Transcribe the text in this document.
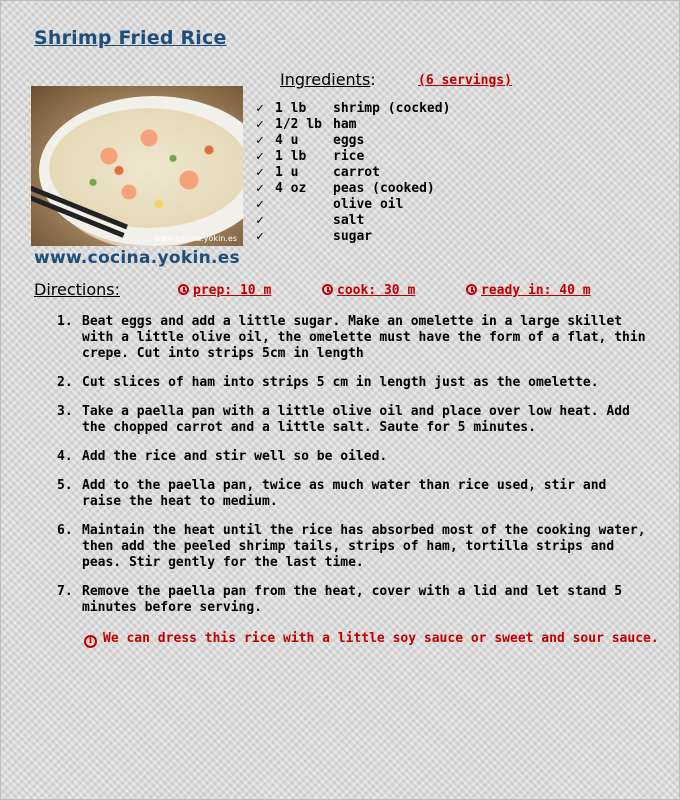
Shrimp Fried Rice
www.cocina.yokin.es
www.cocina.yokin.es
Ingredients:	(6 servings)
✓ 1 lb shrimp (cocked)
✓ 1/2 lb ham
✓ 4 u	eggs
✓ 1 lb rice
✓ 1 u	carrot
✓ 4 oz peas (cooked)
✓	olive oil
✓	salt
✓	sugar
Directions:	prep: 10 m	cook: 30 m	ready in: 40 m
1. Beat eggs and add a little sugar. Make an omelette in a large skillet with a little olive oil, the omelette must have the form of a flat, thin crepe. Cut into strips 5cm in length
2. Cut slices of ham into strips 5 cm in length just as the omelette.
3. Take a paella pan with a little olive oil and place over low heat. Add the chopped carrot and a little salt. Saute for 5 minutes.
4. Add the rice and stir well so be oiled.
5. Add to the paella pan, twice as much water than rice used, stir and raise the heat to medium.
6. Maintain the heat until the rice has absorbed most of the cooking water, then add the peeled shrimp tails, strips of ham, tortilla strips and peas. Stir gently for the last time.
7. Remove the paella pan from the heat, cover with a lid and let stand 5 minutes before serving.
i We can dress this rice with a little soy sauce or sweet and sour sauce.
